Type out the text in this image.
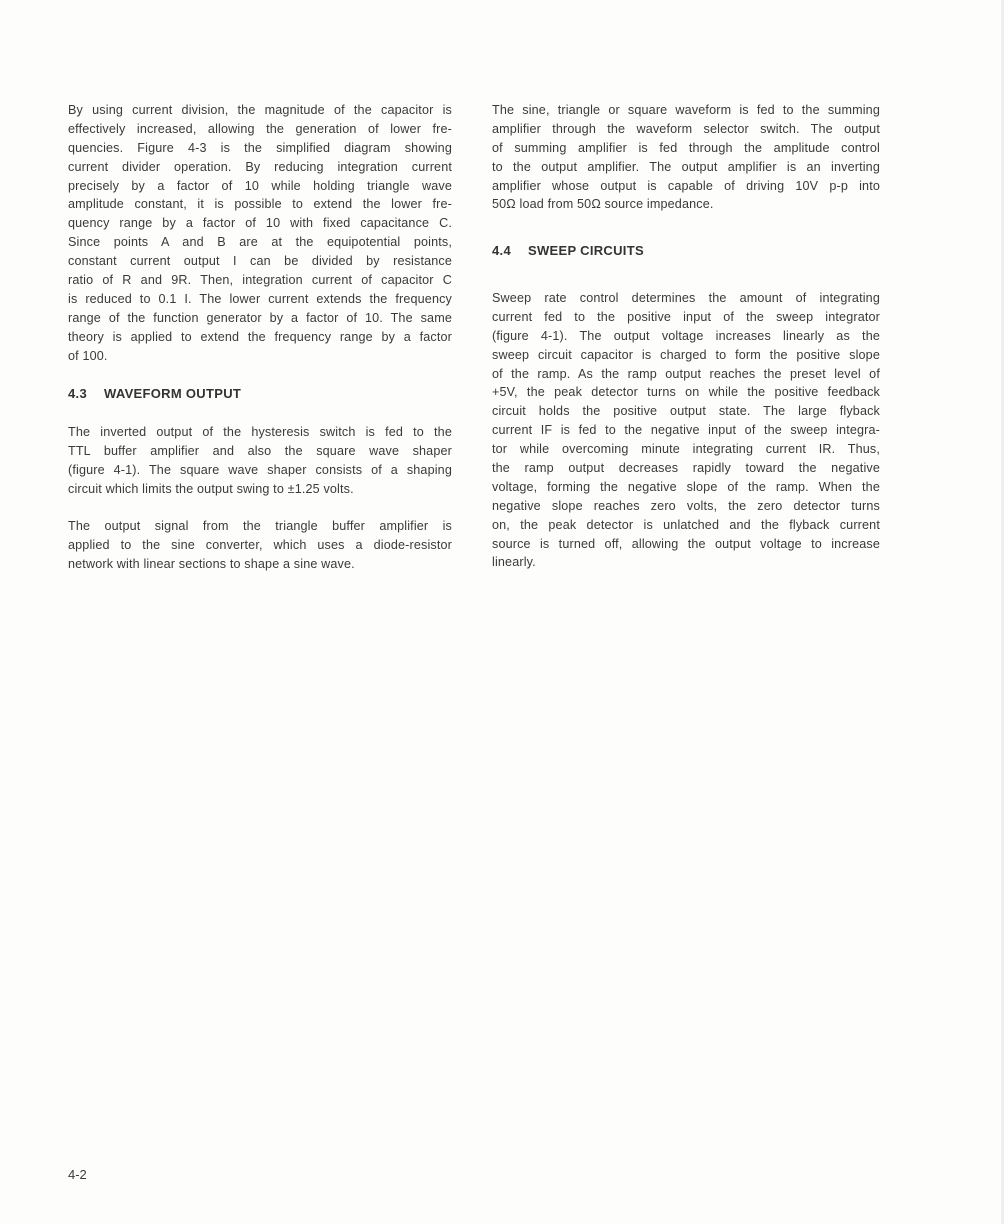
By using current division, the magnitude of the capacitor is
effectively increased, allowing the generation of lower fre-
quencies. Figure 4-3 is the simplified diagram showing
current divider operation. By reducing integration current
precisely by a factor of 10 while holding triangle wave
amplitude constant, it is possible to extend the lower fre-
quency range by a factor of 10 with fixed capacitance C.
Since points A and B are at the equipotential points,
constant current output I can be divided by resistance
ratio of R and 9R. Then, integration current of capacitor C
is reduced to 0.1 I. The lower current extends the frequency
range of the function generator by a factor of 10. The same
theory is applied to extend the frequency range by a factor
of 100.
4.3 WAVEFORM OUTPUT
The inverted output of the hysteresis switch is fed to the
TTL buffer amplifier and also the square wave shaper
(figure 4-1). The square wave shaper consists of a shaping
circuit which limits the output swing to ±1.25 volts.
The output signal from the triangle buffer amplifier is
applied to the sine converter, which uses a diode-resistor
network with linear sections to shape a sine wave.
The sine, triangle or square waveform is fed to the summing
amplifier through the waveform selector switch. The output
of summing amplifier is fed through the amplitude control
to the output amplifier. The output amplifier is an inverting
amplifier whose output is capable of driving 10V p-p into
50Ω load from 50Ω source impedance.
4.4 SWEEP CIRCUITS
Sweep rate control determines the amount of integrating
current fed to the positive input of the sweep integrator
(figure 4-1). The output voltage increases linearly as the
sweep circuit capacitor is charged to form the positive slope
of the ramp. As the ramp output reaches the preset level of
+5V, the peak detector turns on while the positive feedback
circuit holds the positive output state. The large flyback
current IF is fed to the negative input of the sweep integra-
tor while overcoming minute integrating current IR. Thus,
the ramp output decreases rapidly toward the negative
voltage, forming the negative slope of the ramp. When the
negative slope reaches zero volts, the zero detector turns
on, the peak detector is unlatched and the flyback current
source is turned off, allowing the output voltage to increase
linearly.
4-2
